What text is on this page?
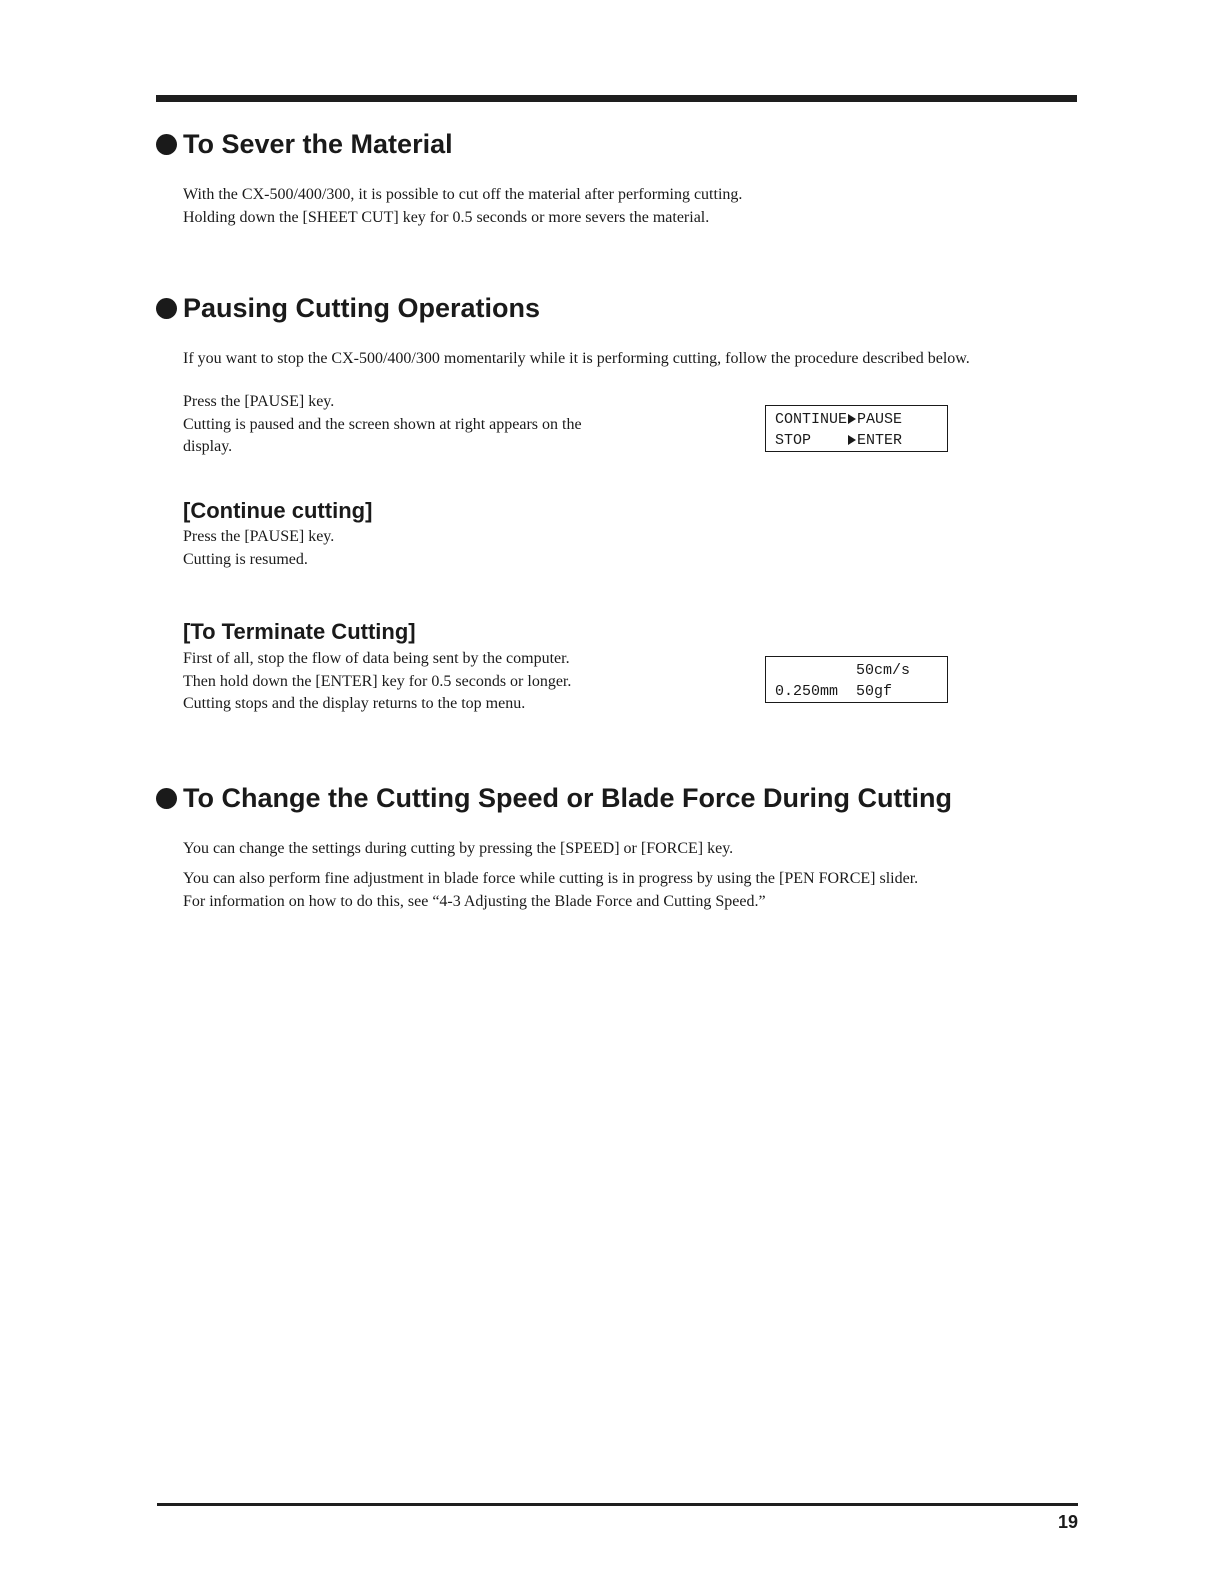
To Sever the Material

With the CX-500/400/300, it is possible to cut off the material after performing cutting.

Holding down the [SHEET CUT] key for 0.5 seconds or more severs the material.

Pausing Cutting Operations

If you want to stop the CX-500/400/300 momentarily while it is performing cutting, follow the procedure described below.

Press the [PAUSE] key.

Cutting is paused and the screen shown at right appears on the

display.

CONTINUE PAUSE
STOP    ENTER
[Continue cutting]

Press the [PAUSE] key.

Cutting is resumed.

[To Terminate Cutting]

First of all, stop the flow of data being sent by the computer.

Then hold down the [ENTER] key for 0.5 seconds or longer.

Cutting stops and the display returns to the top menu.

50cm/s
0.250mm  50gf
To Change the Cutting Speed or Blade Force During Cutting

You can change the settings during cutting by pressing the [SPEED] or [FORCE] key.

You can also perform fine adjustment in blade force while cutting is in progress by using the [PEN FORCE] slider.

For information on how to do this, see “4-3 Adjusting the Blade Force and Cutting Speed.”

19
